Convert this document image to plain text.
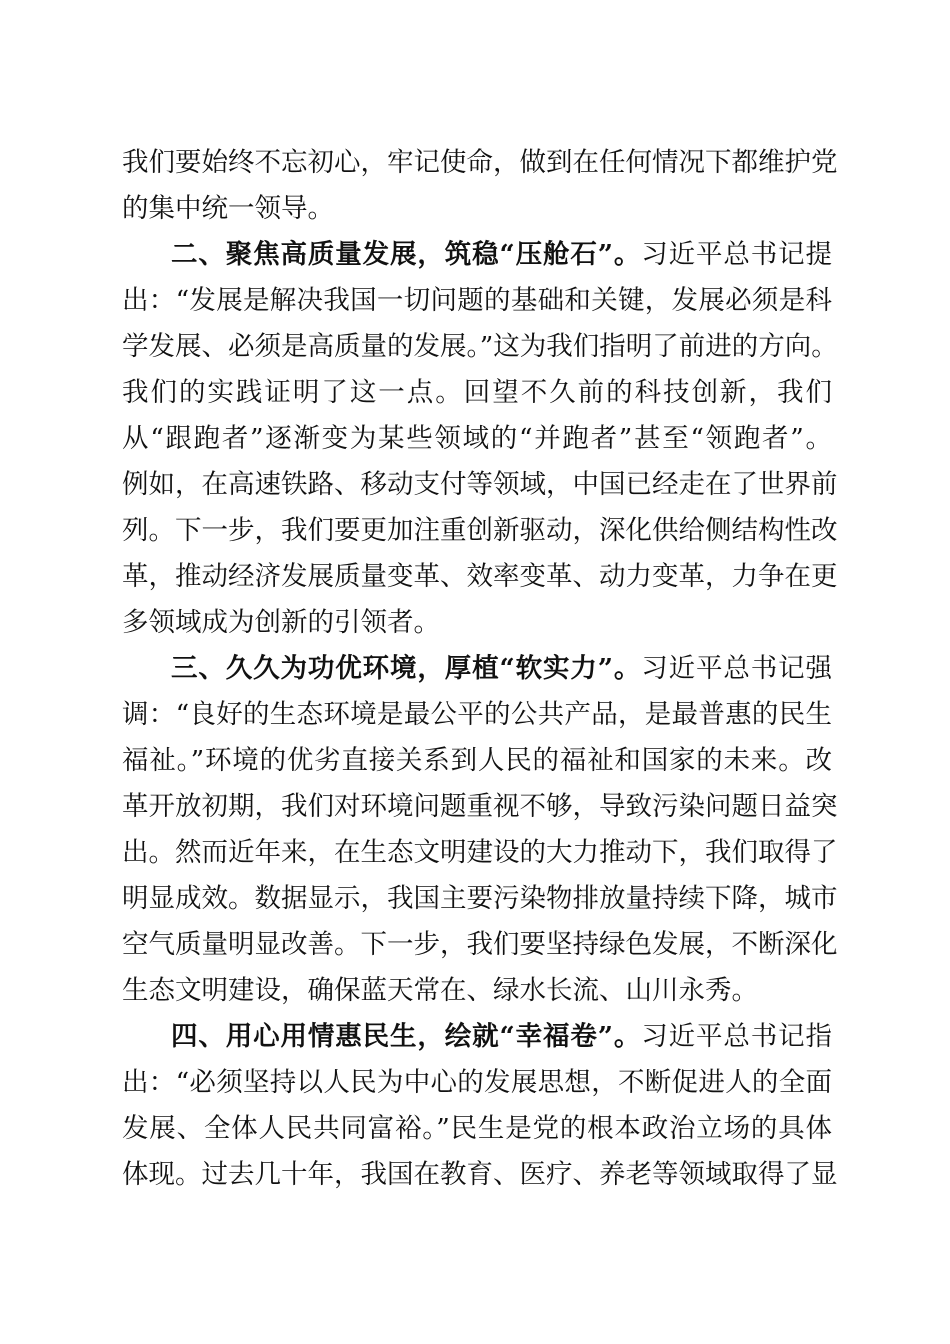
我们要始终不忘初心，牢记使命，做到在任何情况下都维护党
的集中统一领导。
二、聚焦高质量发展，筑稳“压舱石”。习近平总书记提
出：“发展是解决我国一切问题的基础和关键，发展必须是科
学发展、必须是高质量的发展。”这为我们指明了前进的方向。
我们的实践证明了这一点。回望不久前的科技创新，我们
从“跟跑者”逐渐变为某些领域的“并跑者”甚至“领跑者”。
例如，在高速铁路、移动支付等领域，中国已经走在了世界前
列。下一步，我们要更加注重创新驱动，深化供给侧结构性改
革，推动经济发展质量变革、效率变革、动力变革，力争在更
多领域成为创新的引领者。
三、久久为功优环境，厚植“软实力”。习近平总书记强
调：“良好的生态环境是最公平的公共产品，是最普惠的民生
福祉。”环境的优劣直接关系到人民的福祉和国家的未来。改
革开放初期，我们对环境问题重视不够，导致污染问题日益突
出。然而近年来，在生态文明建设的大力推动下，我们取得了
明显成效。数据显示，我国主要污染物排放量持续下降，城市
空气质量明显改善。下一步，我们要坚持绿色发展，不断深化
生态文明建设，确保蓝天常在、绿水长流、山川永秀。
四、用心用情惠民生，绘就“幸福卷”。习近平总书记指
出：“必须坚持以人民为中心的发展思想，不断促进人的全面
发展、全体人民共同富裕。”民生是党的根本政治立场的具体
体现。过去几十年，我国在教育、医疗、养老等领域取得了显
